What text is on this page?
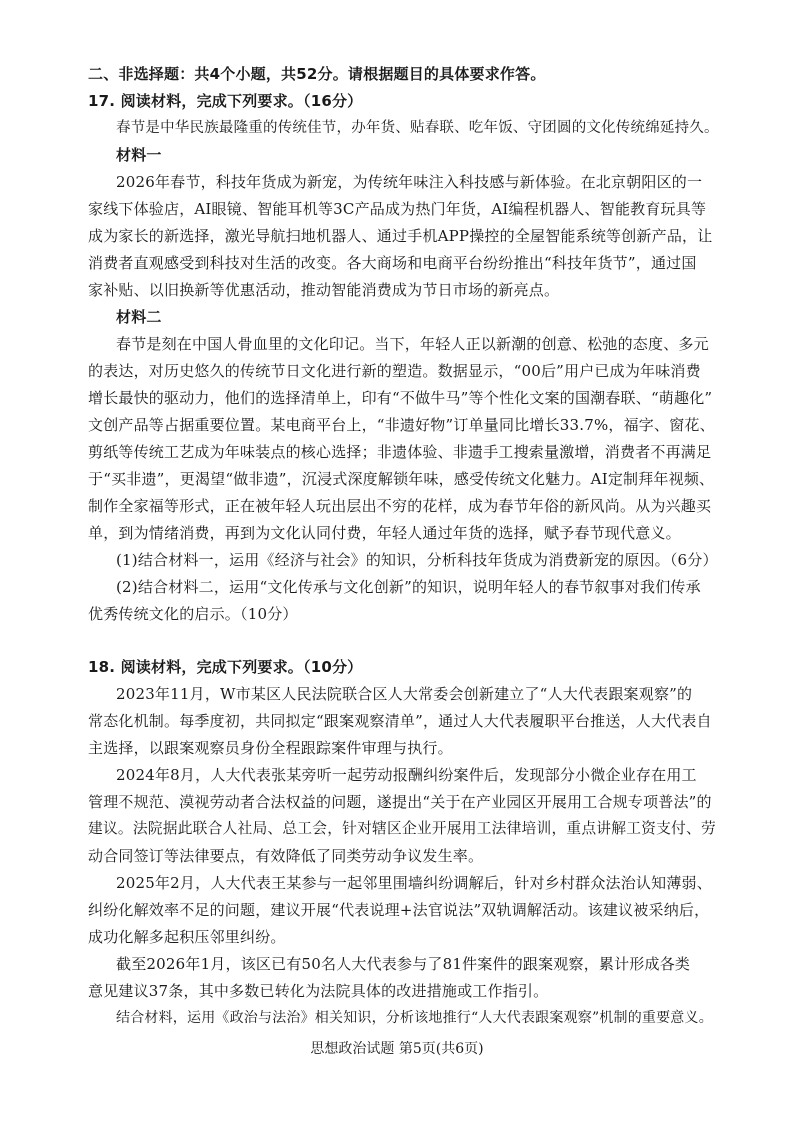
二、非选择题：共4个小题，共52分。请根据题目的具体要求作答。
17. 阅读材料，完成下列要求。（16分）
春节是中华民族最隆重的传统佳节，办年货、贴春联、吃年饭、守团圆的文化传统绵延持久。
材料一
2026年春节，科技年货成为新宠，为传统年味注入科技感与新体验。在北京朝阳区的一
家线下体验店，AI眼镜、智能耳机等3C产品成为热门年货，AI编程机器人、智能教育玩具等
成为家长的新选择，激光导航扫地机器人、通过手机APP操控的全屋智能系统等创新产品，让
消费者直观感受到科技对生活的改变。各大商场和电商平台纷纷推出“科技年货节”，通过国
家补贴、以旧换新等优惠活动，推动智能消费成为节日市场的新亮点。
材料二
春节是刻在中国人骨血里的文化印记。当下，年轻人正以新潮的创意、松弛的态度、多元
的表达，对历史悠久的传统节日文化进行新的塑造。数据显示，“00后”用户已成为年味消费
增长最快的驱动力，他们的选择清单上，印有“不做牛马”等个性化文案的国潮春联、“萌趣化”
文创产品等占据重要位置。某电商平台上，“非遗好物”订单量同比增长33.7%，福字、窗花、
剪纸等传统工艺成为年味装点的核心选择；非遗体验、非遗手工搜索量激增，消费者不再满足
于“买非遗”，更渴望“做非遗”，沉浸式深度解锁年味，感受传统文化魅力。AI定制拜年视频、
制作全家福等形式，正在被年轻人玩出层出不穷的花样，成为春节年俗的新风尚。从为兴趣买
单，到为情绪消费，再到为文化认同付费，年轻人通过年货的选择，赋予春节现代意义。
(1)结合材料一，运用《经济与社会》的知识，分析科技年货成为消费新宠的原因。（6分）
(2)结合材料二，运用“文化传承与文化创新”的知识，说明年轻人的春节叙事对我们传承
优秀传统文化的启示。（10分）
18. 阅读材料，完成下列要求。（10分）
2023年11月，W市某区人民法院联合区人大常委会创新建立了“人大代表跟案观察”的
常态化机制。每季度初，共同拟定“跟案观察清单”，通过人大代表履职平台推送，人大代表自
主选择，以跟案观察员身份全程跟踪案件审理与执行。
2024年8月，人大代表张某旁听一起劳动报酬纠纷案件后，发现部分小微企业存在用工
管理不规范、漠视劳动者合法权益的问题，遂提出“关于在产业园区开展用工合规专项普法”的
建议。法院据此联合人社局、总工会，针对辖区企业开展用工法律培训，重点讲解工资支付、劳
动合同签订等法律要点，有效降低了同类劳动争议发生率。
2025年2月，人大代表王某参与一起邻里围墙纠纷调解后，针对乡村群众法治认知薄弱、
纠纷化解效率不足的问题，建议开展“代表说理+法官说法”双轨调解活动。该建议被采纳后，
成功化解多起积压邻里纠纷。
截至2026年1月，该区已有50名人大代表参与了81件案件的跟案观察，累计形成各类
意见建议37条，其中多数已转化为法院具体的改进措施或工作指引。
结合材料，运用《政治与法治》相关知识，分析该地推行“人大代表跟案观察”机制的重要意义。
思想政治试题 第5页(共6页)
